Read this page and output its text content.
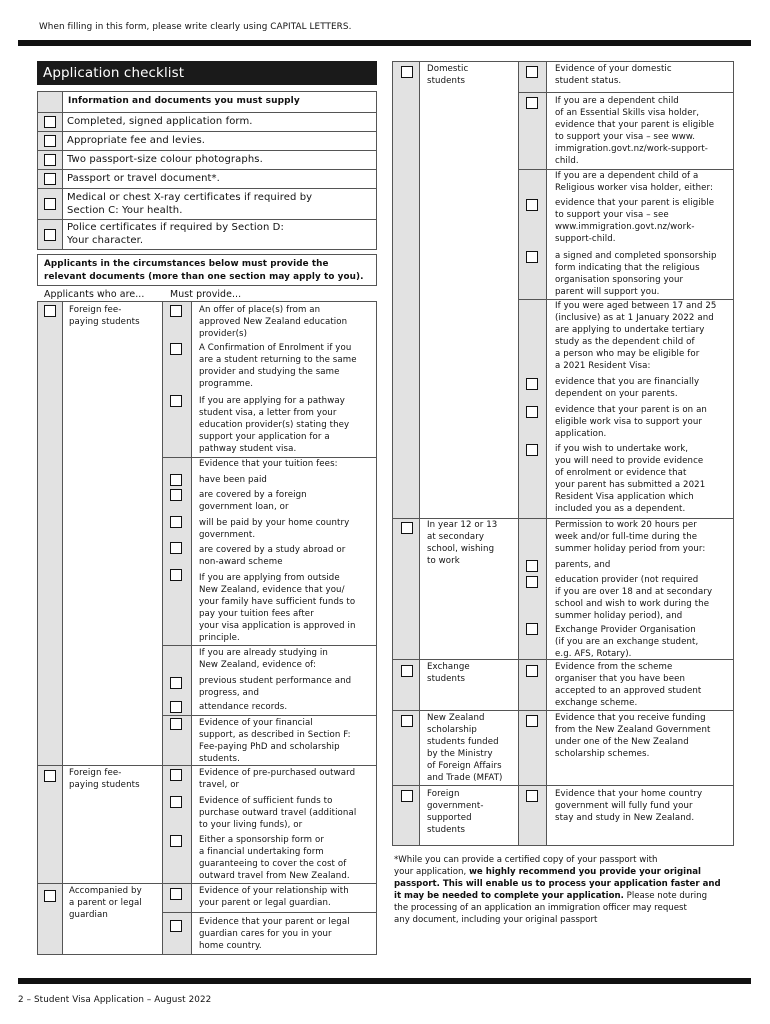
When filling in this form, please write clearly using CAPITAL LETTERS.
Application checklist
Information and documents you must supply
Completed, signed application form.
Appropriate fee and levies.
Two passport-size colour photographs.
Passport or travel document*.
Medical or chest X-ray certificates if required by
Section C: Your health.
Police certificates if required by Section D:
Your character.
Applicants in the circumstances below must provide the
relevant documents (more than one section may apply to you).
Applicants who are...	Must provide...
Foreign fee-
paying students
An offer of place(s) from an
approved New Zealand education
provider(s)
A Confirmation of Enrolment if you
are a student returning to the same
provider and studying the same
programme.
If you are applying for a pathway
student visa, a letter from your
education provider(s) stating they
support your application for a
pathway student visa.
Evidence that your tuition fees:
have been paid
are covered by a foreign
government loan, or
will be paid by your home country
government.
are covered by a study abroad or
non-award scheme
If you are applying from outside
New Zealand, evidence that you/
your family have sufficient funds to
pay your tuition fees after
your visa application is approved in
principle.
If you are already studying in
New Zealand, evidence of:
previous student performance and
progress, and
attendance records.
Evidence of your financial
support, as described in Section F:
Fee-paying PhD and scholarship
students.
Foreign fee-
paying students
Evidence of pre-purchased outward
travel, or
Evidence of sufficient funds to
purchase outward travel (additional
to your living funds), or
Either a sponsorship form or
a financial undertaking form
guaranteeing to cover the cost of
outward travel from New Zealand.
Accompanied by
a parent or legal
guardian
Evidence of your relationship with
your parent or legal guardian.
Evidence that your parent or legal
guardian cares for you in your
home country.
Domestic
students
Evidence of your domestic
student status.
If you are a dependent child
of an Essential Skills visa holder,
evidence that your parent is eligible
to support your visa – see www.
immigration.govt.nz/work-support-
child.
If you are a dependent child of a
Religious worker visa holder, either:
evidence that your parent is eligible
to support your visa – see
www.immigration.govt.nz/work-
support-child.
a signed and completed sponsorship
form indicating that the religious
organisation sponsoring your
parent will support you.
If you were aged between 17 and 25
(inclusive) as at 1 January 2022 and
are applying to undertake tertiary
study as the dependent child of
a person who may be eligible for
a 2021 Resident Visa:
evidence that you are financially
dependent on your parents.
evidence that your parent is on an
eligible work visa to support your
application.
if you wish to undertake work,
you will need to provide evidence
of enrolment or evidence that
your parent has submitted a 2021
Resident Visa application which
included you as a dependent.
In year 12 or 13
at secondary
school, wishing
to work
Permission to work 20 hours per
week and/or full-time during the
summer holiday period from your:
parents, and
education provider (not required
if you are over 18 and at secondary
school and wish to work during the
summer holiday period), and
Exchange Provider Organisation
(if you are an exchange student,
e.g. AFS, Rotary).
Exchange
students
Evidence from the scheme
organiser that you have been
accepted to an approved student
exchange scheme.
New Zealand
scholarship
students funded
by the Ministry
of Foreign Affairs
and Trade (MFAT)
Evidence that you receive funding
from the New Zealand Government
under one of the New Zealand
scholarship schemes.
Foreign
government-
supported
students
Evidence that your home country
government will fully fund your
stay and study in New Zealand.
*While you can provide a certified copy of your passport with
your application, we highly recommend you provide your original
passport. This will enable us to process your application faster and
it may be needed to complete your application. Please note during
the processing of an application an immigration officer may request
any document, including your original passport
2 – Student Visa Application – August 2022
